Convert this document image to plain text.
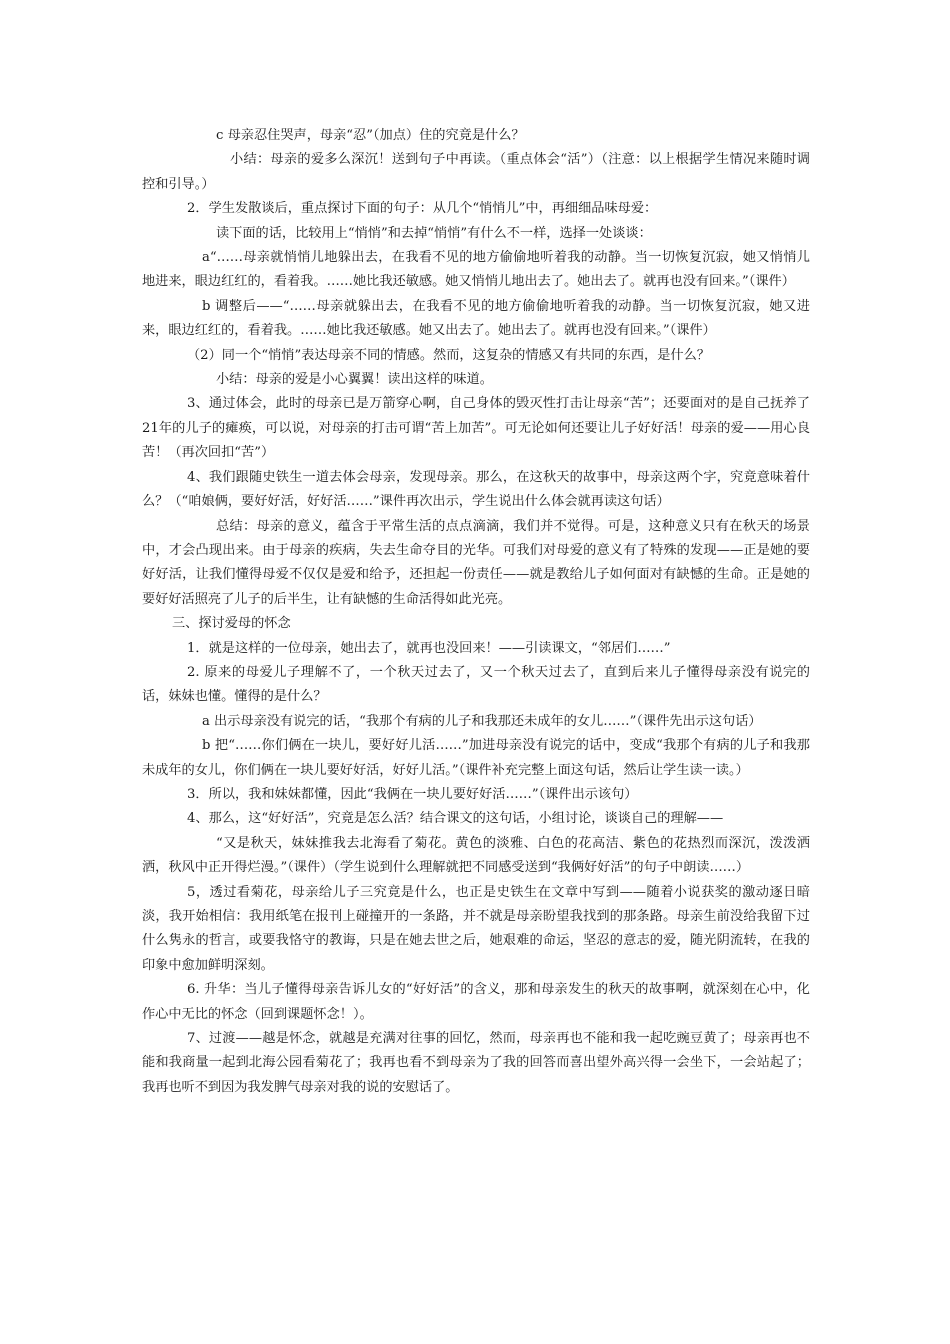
c 母亲忍住哭声，母亲“忍”（加点）住的究竟是什么？

小结：母亲的爱多么深沉！送到句子中再读。（重点体会“活”）（注意：以上根据学生情况来随时调控和引导。）

2．学生发散谈后，重点探讨下面的句子：从几个“悄悄儿”中，再细细品味母爱：

读下面的话，比较用上“悄悄”和去掉“悄悄”有什么不一样，选择一处谈谈：

a“……母亲就悄悄儿地躲出去，在我看不见的地方偷偷地听着我的动静。当一切恢复沉寂，她又悄悄儿地进来，眼边红红的，看着我。……她比我还敏感。她又悄悄儿地出去了。她出去了。就再也没有回来。”（课件）

b 调整后——“……母亲就躲出去，在我看不见的地方偷偷地听着我的动静。当一切恢复沉寂，她又进来，眼边红红的，看着我。……她比我还敏感。她又出去了。她出去了。就再也没有回来。”（课件）

（2）同一个“悄悄”表达母亲不同的情感。然而，这复杂的情感又有共同的东西，是什么？

小结：母亲的爱是小心翼翼！读出这样的味道。

3、通过体会，此时的母亲已是万箭穿心啊，自己身体的毁灭性打击让母亲“苦”；还要面对的是自己抚养了21年的儿子的瘫痪，可以说，对母亲的打击可谓“苦上加苦”。可无论如何还要让儿子好好活！母亲的爱——用心良苦！（再次回扣“苦”）

4、我们跟随史铁生一道去体会母亲，发现母亲。那么，在这秋天的故事中，母亲这两个字，究竟意味着什么？（“咱娘俩，要好好活，好好活……”课件再次出示，学生说出什么体会就再读这句话）

总结：母亲的意义，蕴含于平常生活的点点滴滴，我们并不觉得。可是，这种意义只有在秋天的场景中，才会凸现出来。由于母亲的疾病，失去生命夺目的光华。可我们对母爱的意义有了特殊的发现——正是她的要好好活，让我们懂得母爱不仅仅是爱和给予，还担起一份责任——就是教给儿子如何面对有缺憾的生命。正是她的要好好活照亮了儿子的后半生，让有缺憾的生命活得如此光亮。

三、探讨爱母的怀念

1．就是这样的一位母亲，她出去了，就再也没回来！——引读课文，“邻居们……”

2. 原来的母爱儿子理解不了，一个秋天过去了，又一个秋天过去了，直到后来儿子懂得母亲没有说完的话，妹妹也懂。懂得的是什么？

a 出示母亲没有说完的话，“我那个有病的儿子和我那还未成年的女儿……”（课件先出示这句话）

b 把“……你们俩在一块儿，要好好儿活……”加进母亲没有说完的话中，变成“我那个有病的儿子和我那未成年的女儿，你们俩在一块儿要好好活，好好儿活。”（课件补充完整上面这句话，然后让学生读一读。）

3．所以，我和妹妹都懂，因此“我俩在一块儿要好好活……”（课件出示该句）

4、那么，这“好好活”，究竟是怎么活？结合课文的这句话，小组讨论，谈谈自己的理解——

“又是秋天，妹妹推我去北海看了菊花。黄色的淡雅、白色的花高洁、紫色的花热烈而深沉，泼泼洒洒，秋风中正开得烂漫。”（课件）（学生说到什么理解就把不同感受送到“我俩好好活”的句子中朗读……）

5，透过看菊花，母亲给儿子三究竟是什么，也正是史铁生在文章中写到——随着小说获奖的激动逐日暗淡，我开始相信：我用纸笔在报刊上碰撞开的一条路，并不就是母亲盼望我找到的那条路。母亲生前没给我留下过什么隽永的哲言，或要我恪守的教诲，只是在她去世之后，她艰难的命运，坚忍的意志的爱，随光阴流转，在我的印象中愈加鲜明深刻。

6. 升华：当儿子懂得母亲告诉儿女的“好好活”的含义，那和母亲发生的秋天的故事啊，就深刻在心中，化作心中无比的怀念（回到课题怀念！）。

7、过渡——越是怀念，就越是充满对往事的回忆，然而，母亲再也不能和我一起吃豌豆黄了；母亲再也不能和我商量一起到北海公园看菊花了；我再也看不到母亲为了我的回答而喜出望外高兴得一会坐下，一会站起了；我再也听不到因为我发脾气母亲对我的说的安慰话了。
